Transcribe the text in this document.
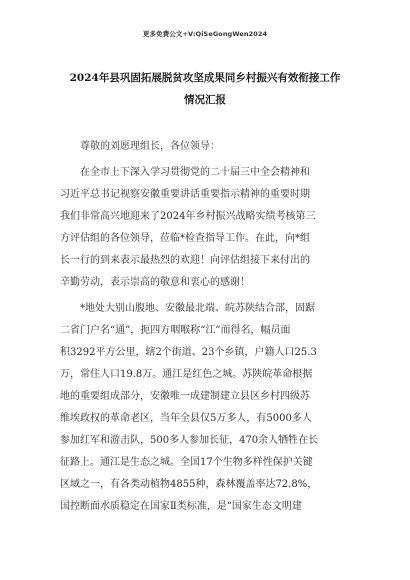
更多免费公文+V:QiSeGongWen2024
2024年县巩固拓展脱贫攻坚成果同乡村振兴有效衔接工作
情况汇报
尊敬的刘愿理组长，各位领导：
在全市上下深入学习贯彻党的二十届三中全会精神和
习近平总书记视察安徽重要讲话重要指示精神的重要时期
我们非常高兴地迎来了2024年乡村振兴战略实绩考核第三
方评估组的各位领导，莅临*检查指导工作。在此，向*组
长一行的到来表示最热烈的欢迎！向评估组接下来付出的
辛勤劳动，表示崇高的敬意和衷心的感谢！
*地处大别山腹地、安徽最北端、皖苏陕结合部，固踞
二省门户名“通”，扼四方咽喉称“江”而得名，幅员面
积3292平方公里，辖2个街道、23个乡镇，户籍人口25.3
万，常住人口19.8万。通江是红色之城。苏陕皖革命根据
地的重要组成部分，安徽唯一成建制建立县区乡村四级苏
维埃政权的革命老区，当年全县仅5万多人，有5000多人
参加红军和游击队，500多人参加长征，470余人牺牲在长
征路上。通江是生态之城。全国17个生物多样性保护关键
区域之一，有各类动植物4855种，森林覆盖率达72.8%，
国控断面水质稳定在国家Ⅱ类标准，是“国家生态文明建
